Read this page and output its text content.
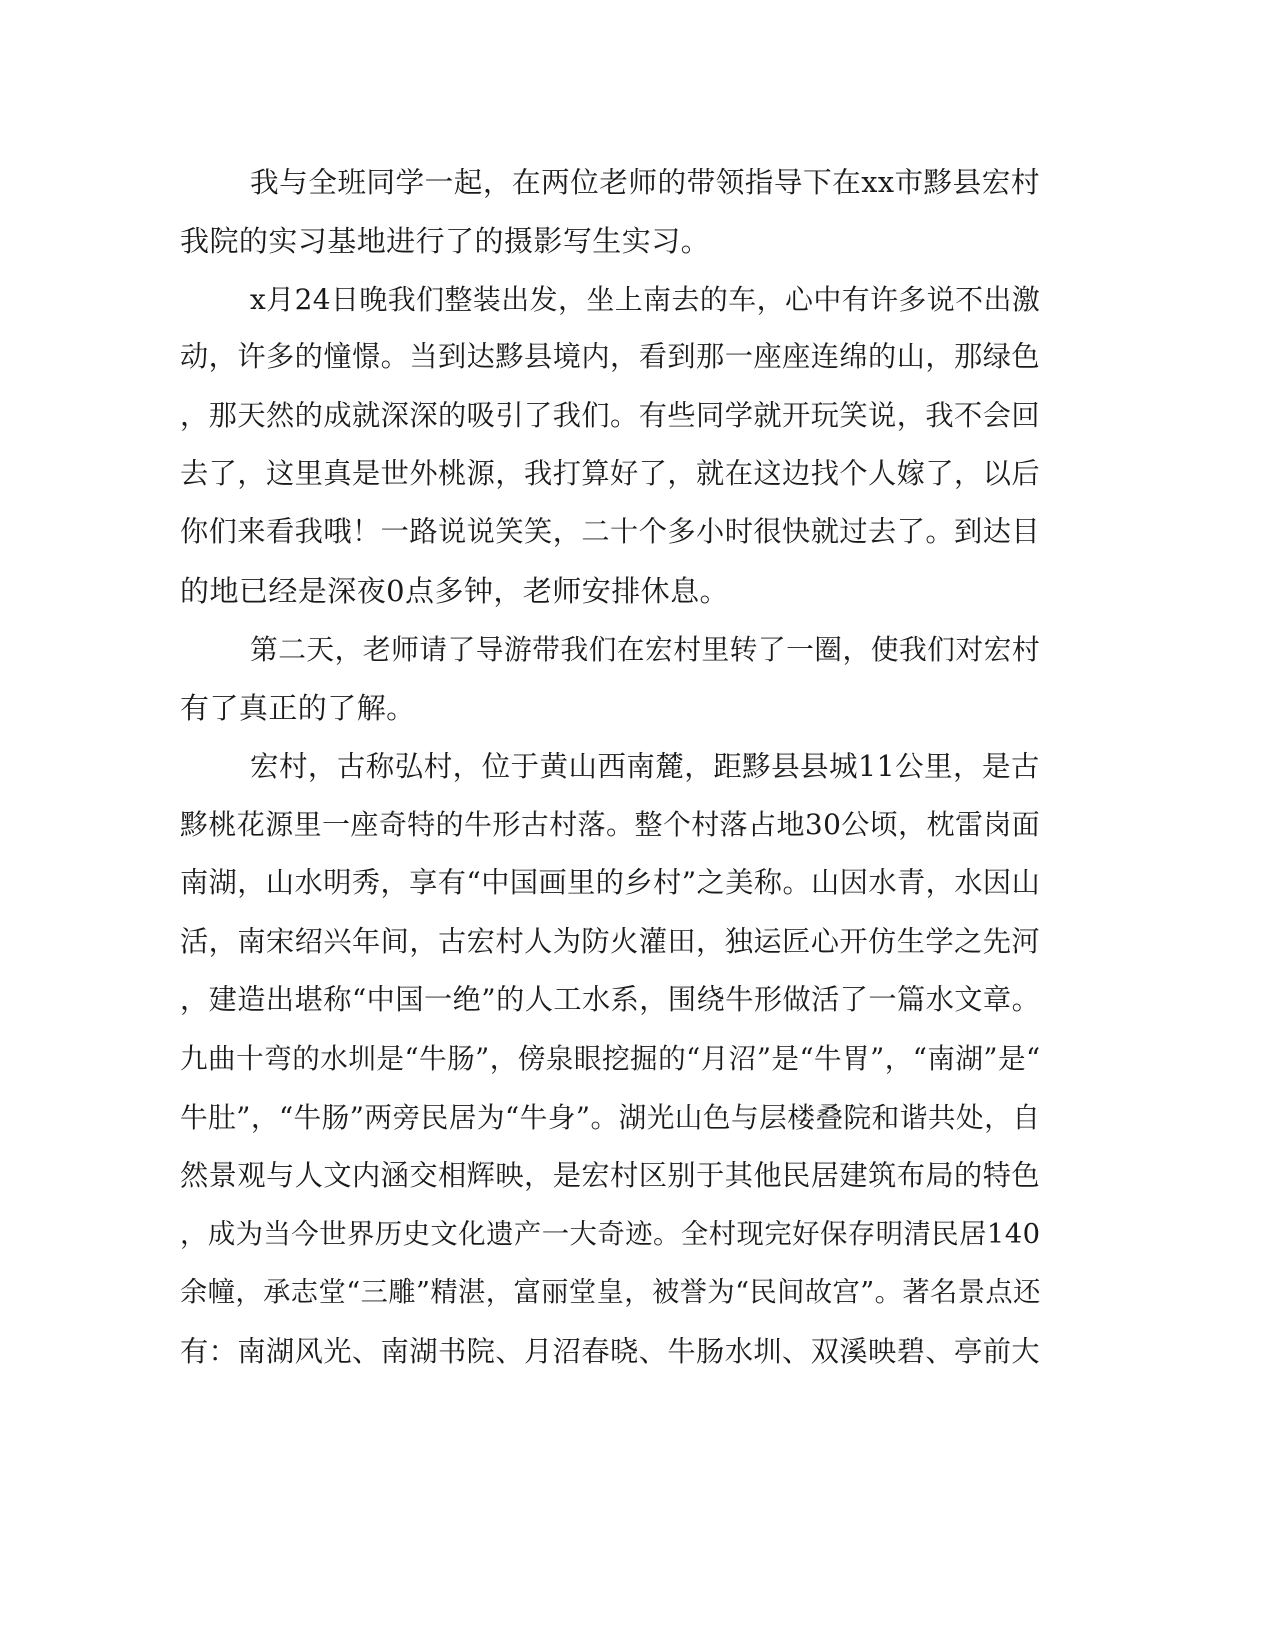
我与全班同学一起，在两位老师的带领指导下在xx市黟县宏村
我院的实习基地进行了的摄影写生实习。
x月24日晚我们整装出发，坐上南去的车，心中有许多说不出激
动，许多的憧憬。当到达黟县境内，看到那一座座连绵的山，那绿色
，那天然的成就深深的吸引了我们。有些同学就开玩笑说，我不会回
去了，这里真是世外桃源，我打算好了，就在这边找个人嫁了，以后
你们来看我哦！一路说说笑笑，二十个多小时很快就过去了。到达目
的地已经是深夜0点多钟，老师安排休息。
第二天，老师请了导游带我们在宏村里转了一圈，使我们对宏村
有了真正的了解。
宏村，古称弘村，位于黄山西南麓，距黟县县城11公里，是古
黟桃花源里一座奇特的牛形古村落。整个村落占地30公顷，枕雷岗面
南湖，山水明秀，享有“中国画里的乡村”之美称。山因水青，水因山
活，南宋绍兴年间，古宏村人为防火灌田，独运匠心开仿生学之先河
，建造出堪称“中国一绝”的人工水系，围绕牛形做活了一篇水文章。
九曲十弯的水圳是“牛肠”，傍泉眼挖掘的“月沼”是“牛胃”，“南湖”是“
牛肚”，“牛肠”两旁民居为“牛身”。湖光山色与层楼叠院和谐共处，自
然景观与人文内涵交相辉映，是宏村区别于其他民居建筑布局的特色
，成为当今世界历史文化遗产一大奇迹。全村现完好保存明清民居140
余幢，承志堂“三雕”精湛，富丽堂皇，被誉为“民间故宫”。著名景点还
有：南湖风光、南湖书院、月沼春晓、牛肠水圳、双溪映碧、亭前大
